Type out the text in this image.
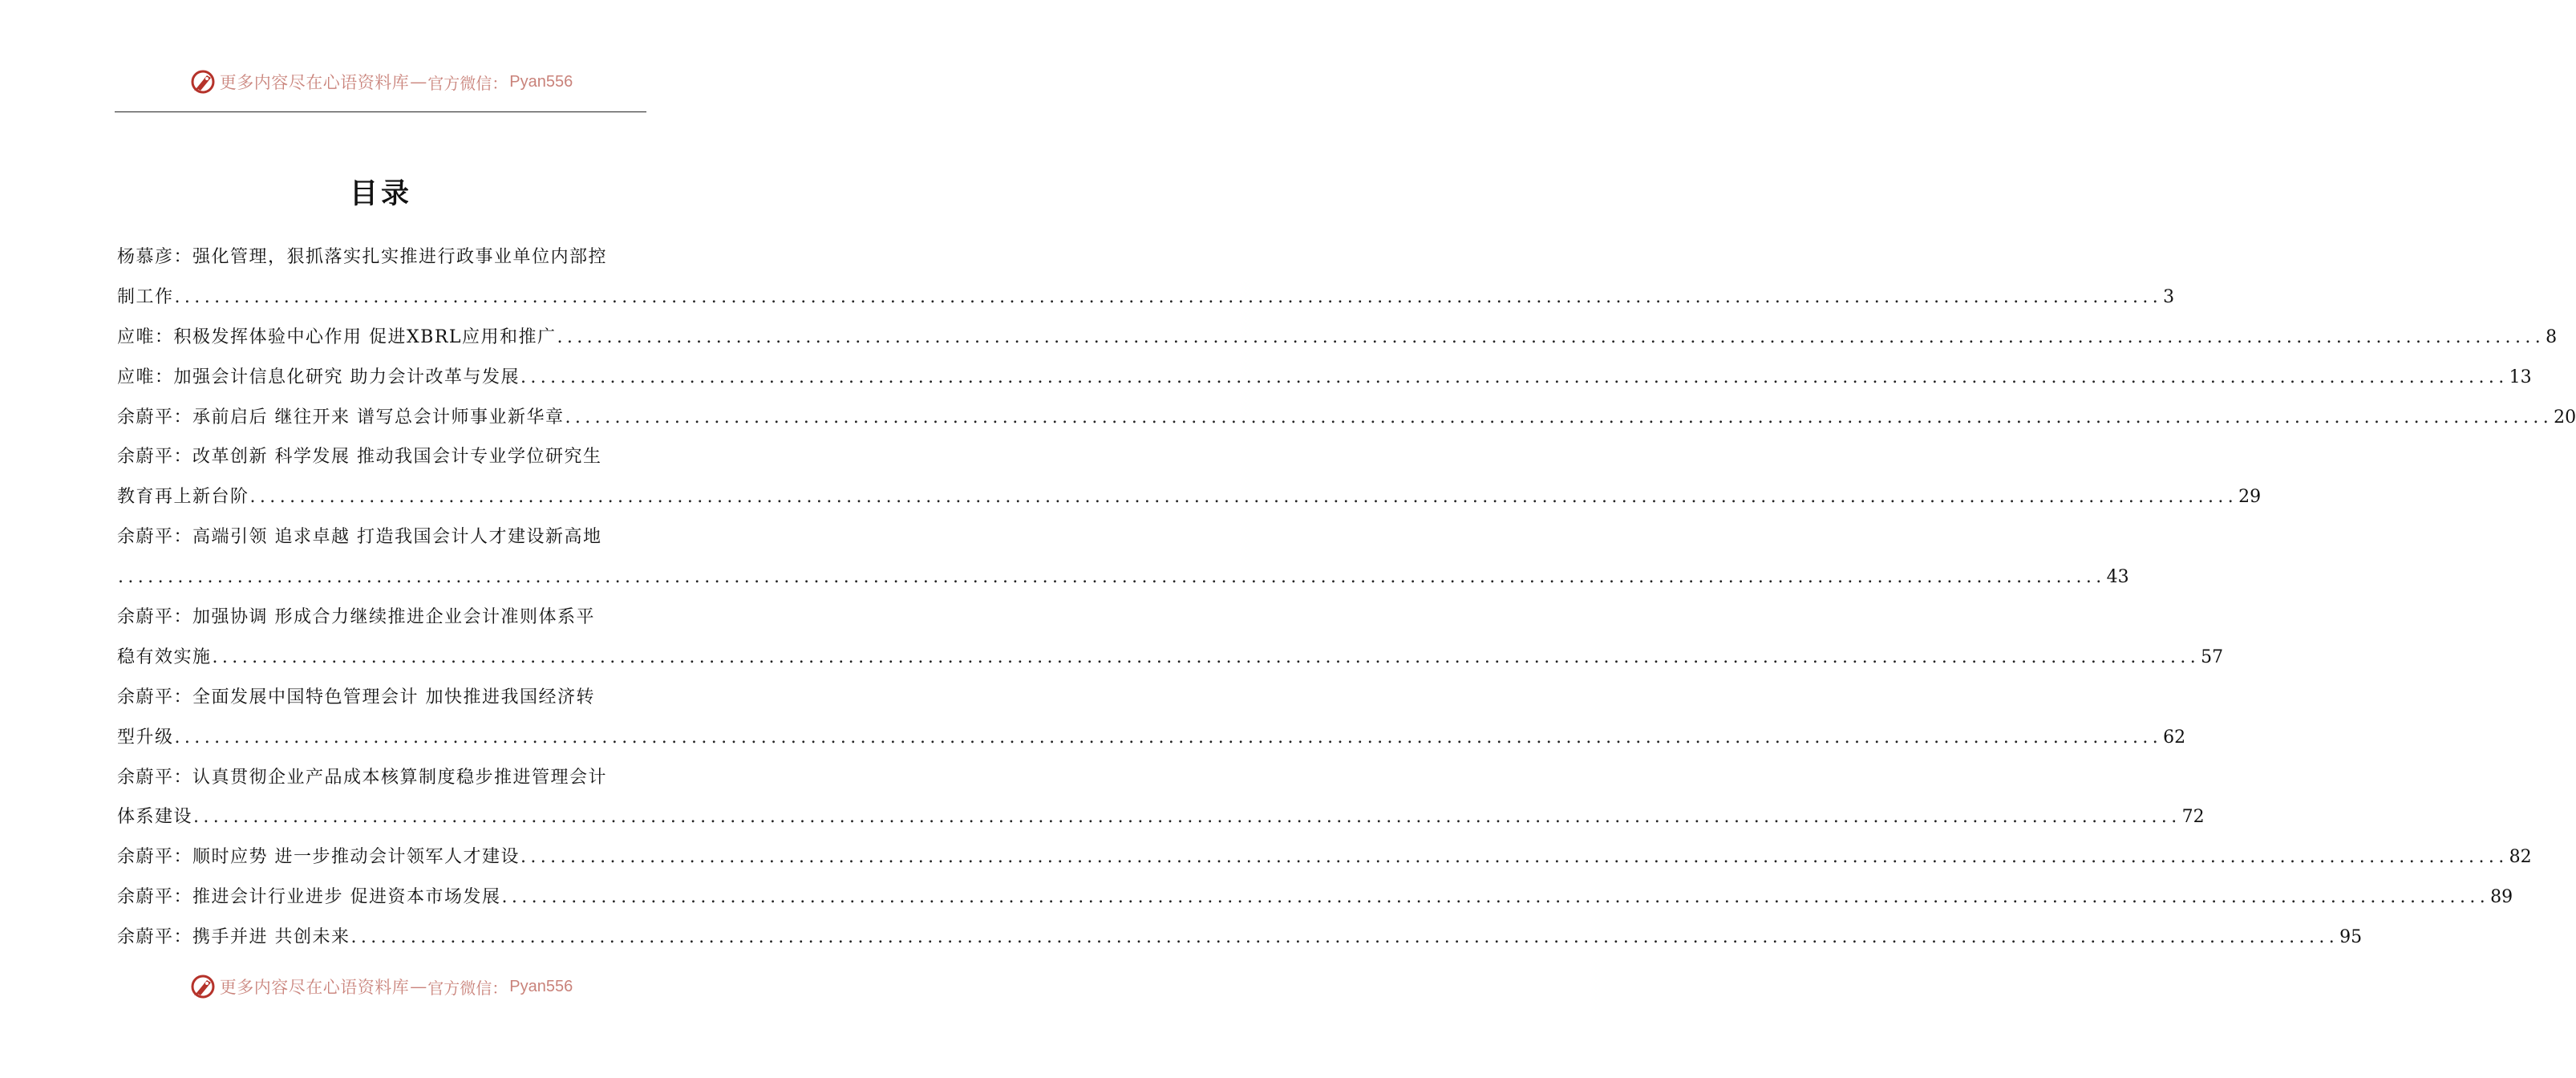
更多内容尽在心语资料库 — 官方微信： Pyan556
目录
杨慕彦：强化管理，狠抓落实扎实推进行政事业单位内部控
制工作 ........................................................................................................................................................................................................ 3
应唯：积极发挥体验中心作用 促进XBRL应用和推广 ........................................................................................................................................................................................................ 8
应唯：加强会计信息化研究 助力会计改革与发展 ........................................................................................................................................................................................................ 13
余蔚平：承前启后 继往开来 谱写总会计师事业新华章 ........................................................................................................................................................................................................ 20
余蔚平：改革创新 科学发展 推动我国会计专业学位研究生
教育再上新台阶 ........................................................................................................................................................................................................ 29
余蔚平：高端引领 追求卓越 打造我国会计人才建设新高地
........................................................................................................................................................................................................ 43
余蔚平：加强协调 形成合力继续推进企业会计准则体系平
稳有效实施 ........................................................................................................................................................................................................ 57
余蔚平：全面发展中国特色管理会计 加快推进我国经济转
型升级 ........................................................................................................................................................................................................ 62
余蔚平：认真贯彻企业产品成本核算制度稳步推进管理会计
体系建设 ........................................................................................................................................................................................................ 72
余蔚平：顺时应势 进一步推动会计领军人才建设 ........................................................................................................................................................................................................ 82
余蔚平：推进会计行业进步 促进资本市场发展 ........................................................................................................................................................................................................ 89
余蔚平：携手并进 共创未来 ........................................................................................................................................................................................................ 95
更多内容尽在心语资料库 — 官方微信： Pyan556
